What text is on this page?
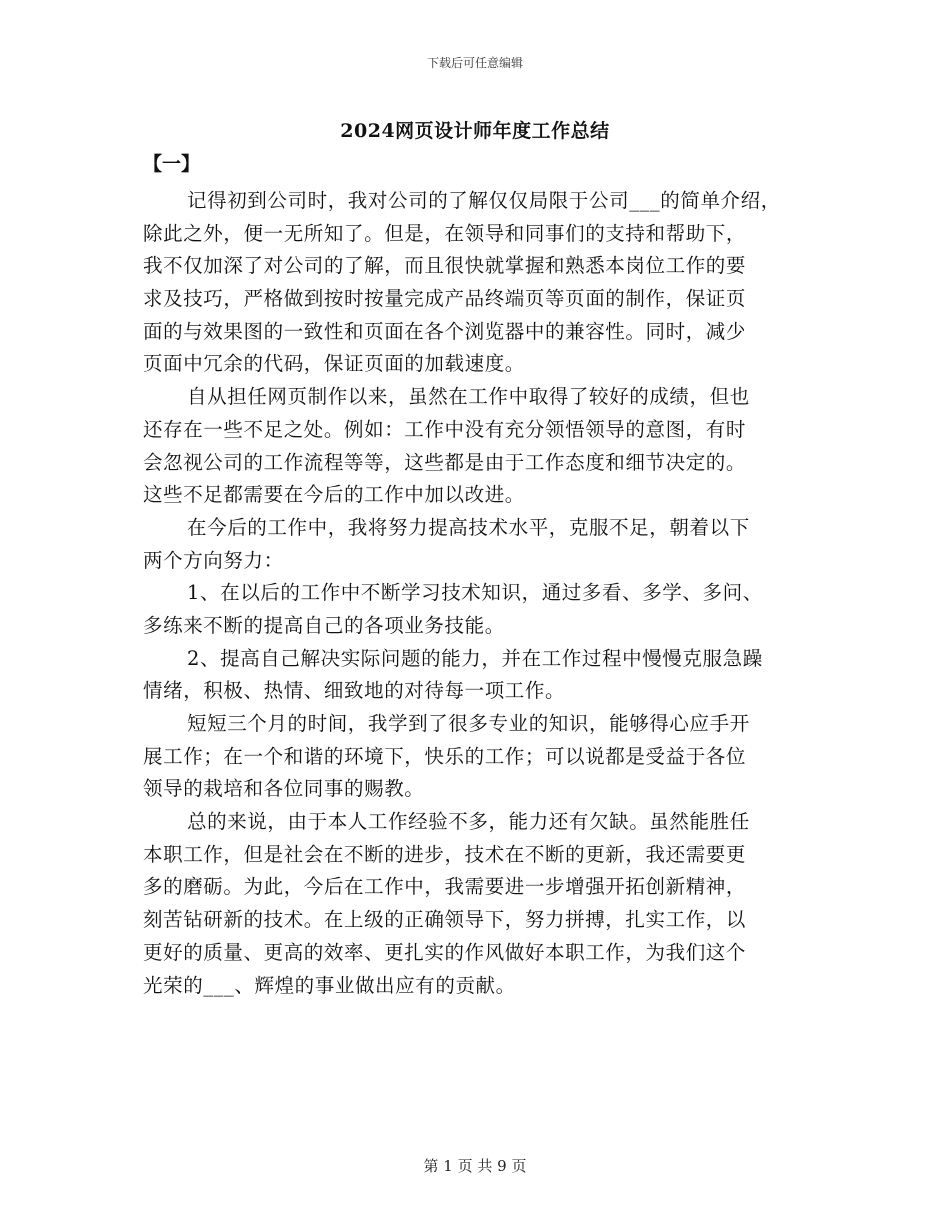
下载后可任意编辑
2024网页设计师年度工作总结
【一】
记得初到公司时，我对公司的了解仅仅局限于公司___的简单介绍，
除此之外，便一无所知了。但是，在领导和同事们的支持和帮助下，
我不仅加深了对公司的了解，而且很快就掌握和熟悉本岗位工作的要
求及技巧，严格做到按时按量完成产品终端页等页面的制作，保证页
面的与效果图的一致性和页面在各个浏览器中的兼容性。同时，减少
页面中冗余的代码，保证页面的加载速度。
自从担任网页制作以来，虽然在工作中取得了较好的成绩，但也
还存在一些不足之处。例如：工作中没有充分领悟领导的意图，有时
会忽视公司的工作流程等等，这些都是由于工作态度和细节决定的。
这些不足都需要在今后的工作中加以改进。
在今后的工作中，我将努力提高技术水平，克服不足，朝着以下
两个方向努力：
1、在以后的工作中不断学习技术知识，通过多看、多学、多问、
多练来不断的提高自己的各项业务技能。
2、提高自己解决实际问题的能力，并在工作过程中慢慢克服急躁
情绪，积极、热情、细致地的对待每一项工作。
短短三个月的时间，我学到了很多专业的知识，能够得心应手开
展工作；在一个和谐的环境下，快乐的工作；可以说都是受益于各位
领导的栽培和各位同事的赐教。
总的来说，由于本人工作经验不多，能力还有欠缺。虽然能胜任
本职工作，但是社会在不断的进步，技术在不断的更新，我还需要更
多的磨砺。为此，今后在工作中，我需要进一步增强开拓创新精神，
刻苦钻研新的技术。在上级的正确领导下，努力拼搏，扎实工作，以
更好的质量、更高的效率、更扎实的作风做好本职工作，为我们这个
光荣的___、辉煌的事业做出应有的贡献。
第 1 页 共 9 页
